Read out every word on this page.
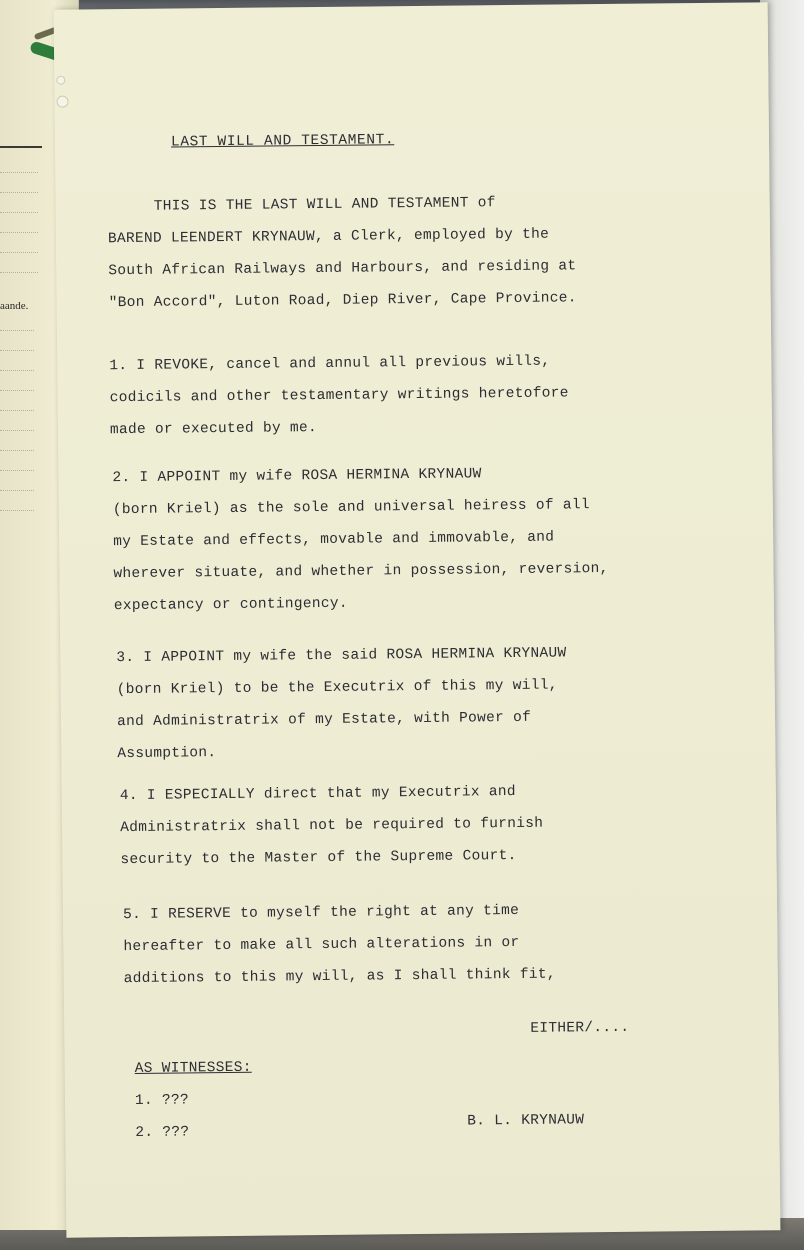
aande.
LAST WILL AND TESTAMENT.
THIS IS THE LAST WILL AND TESTAMENT of
BAREND LEENDERT KRYNAUW, a Clerk, employed by the
South African Railways and Harbours, and residing at
"Bon Accord", Luton Road, Diep River, Cape Province.
1. I REVOKE, cancel and annul all previous wills,
codicils and other testamentary writings heretofore
made or executed by me.
2. I APPOINT my wife ROSA HERMINA KRYNAUW
(born Kriel) as the sole and universal heiress of all
my Estate and effects, movable and immovable, and
wherever situate, and whether in possession, reversion,
expectancy or contingency.
3. I APPOINT my wife the said ROSA HERMINA KRYNAUW
(born Kriel) to be the Executrix of this my will,
and Administratrix of my Estate, with Power of
Assumption.
4. I ESPECIALLY direct that my Executrix and
Administratrix shall not be required to furnish
security to the Master of the Supreme Court.
5. I RESERVE to myself the right at any time
hereafter to make all such alterations in or
additions to this my will, as I shall think fit,
EITHER/....
AS WITNESSES:
1. ???
2. ???
B. L. KRYNAUW
